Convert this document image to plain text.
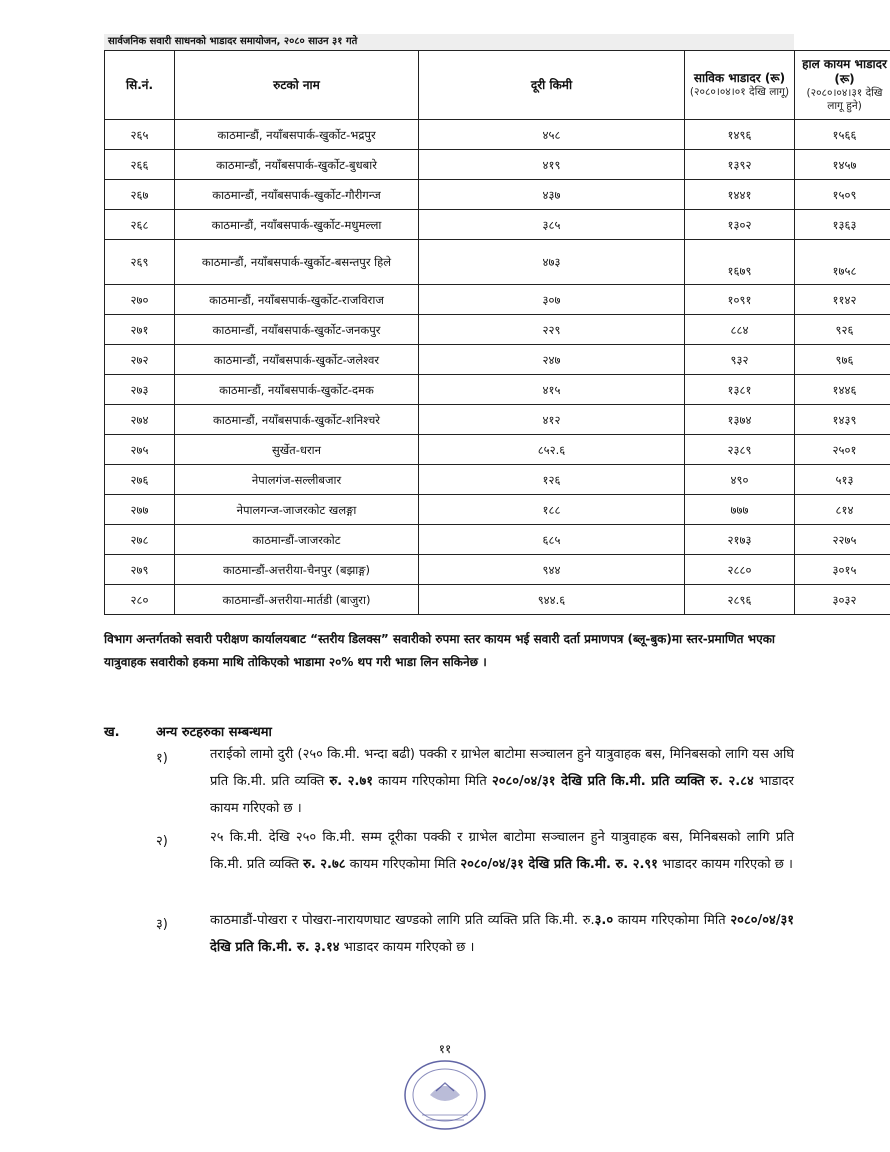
सार्वजनिक सवारी साधनको भाडादर समायोजन, २०८० साउन ३१ गते
सि.नं.	रुटको नाम	दूरी किमी	साविक भाडादर (रू)
(२०८०।०४।०१ देखि लागू)	हाल कायम भाडादर (रू)
(२०८०।०४।३१ देखि लागू हुने)

२६५	काठमान्डौं, नयाँबसपार्क-खुर्कोट-भद्रपुर	४५८	१४९६	१५६६
२६६	काठमान्डौं, नयाँबसपार्क-खुर्कोट-बुधबारे	४१९	१३९२	१४५७
२६७	काठमान्डौं, नयाँबसपार्क-खुर्कोट-गौरीगन्ज	४३७	१४४१	१५०९
२६८	काठमान्डौं, नयाँबसपार्क-खुर्कोट-मधुमल्ला	३८५	१३०२	१३६३
२६९	काठमान्डौं, नयाँबसपार्क-खुर्कोट-बसन्तपुर हिले	४७३	१६७९	१७५८
२७०	काठमान्डौं, नयाँबसपार्क-खुर्कोट-राजविराज	३०७	१०९१	११४२
२७१	काठमान्डौं, नयाँबसपार्क-खुर्कोट-जनकपुर	२२९	८८४	९२६
२७२	काठमान्डौं, नयाँबसपार्क-खुर्कोट-जलेश्वर	२४७	९३२	९७६
२७३	काठमान्डौं, नयाँबसपार्क-खुर्कोट-दमक	४१५	१३८१	१४४६
२७४	काठमान्डौं, नयाँबसपार्क-खुर्कोट-शनिश्चरे	४१२	१३७४	१४३९
२७५	सुर्खेत-धरान	८५२.६	२३८९	२५०१
२७६	नेपालगंज-सल्लीबजार	१२६	४९०	५१३
२७७	नेपालगन्ज-जाजरकोट खलङ्गा	१८८	७७७	८१४
२७८	काठमान्डौं-जाजरकोट	६८५	२१७३	२२७५
२७९	काठमान्डौं-अत्तरीया-चैनपुर (बझाङ्ग)	९४४	२८८०	३०१५
२८०	काठमान्डौं-अत्तरीया-मार्तडी (बाजुरा)	९४४.६	२८९६	३०३२
विभाग अन्तर्गतको सवारी परीक्षण कार्यालयबाट “स्तरीय डिलक्स” सवारीको रुपमा स्तर कायम भई सवारी दर्ता प्रमाणपत्र (ब्लू-बुक)मा स्तर-प्रमाणित भएका यात्रुवाहक सवारीको हकमा माथि तोकिएको भाडामा २०% थप गरी भाडा लिन सकिनेछ ।
ख.	अन्य रुटहरुका सम्बन्धमा
१)	तराईको लामो दुरी (२५० कि.मी. भन्दा बढी) पक्की र ग्राभेल बाटोमा सञ्चालन हुने यात्रुवाहक बस, मिनिबसको लागि यस अघि प्रति कि.मी. प्रति व्यक्ति रु. २.७१ कायम गरिएकोमा मिति २०८०/०४/३१ देखि प्रति कि.मी. प्रति व्यक्ति रु. २.८४ भाडादर कायम गरिएको छ ।
२)	२५ कि.मी. देखि २५० कि.मी. सम्म दूरीका पक्की र ग्राभेल बाटोमा सञ्चालन हुने यात्रुवाहक बस, मिनिबसको लागि प्रति कि.मी. प्रति व्यक्ति रु. २.७८ कायम गरिएकोमा मिति २०८०/०४/३१ देखि प्रति कि.मी. रु. २.९१ भाडादर कायम गरिएको छ ।
३)	काठमाडौं-पोखरा र पोखरा-नारायणघाट खण्डको लागि प्रति व्यक्ति प्रति कि.मी. रु.३.० कायम गरिएकोमा मिति २०८०/०४/३१ देखि प्रति कि.मी. रु. ३.१४ भाडादर कायम गरिएको छ ।
११
